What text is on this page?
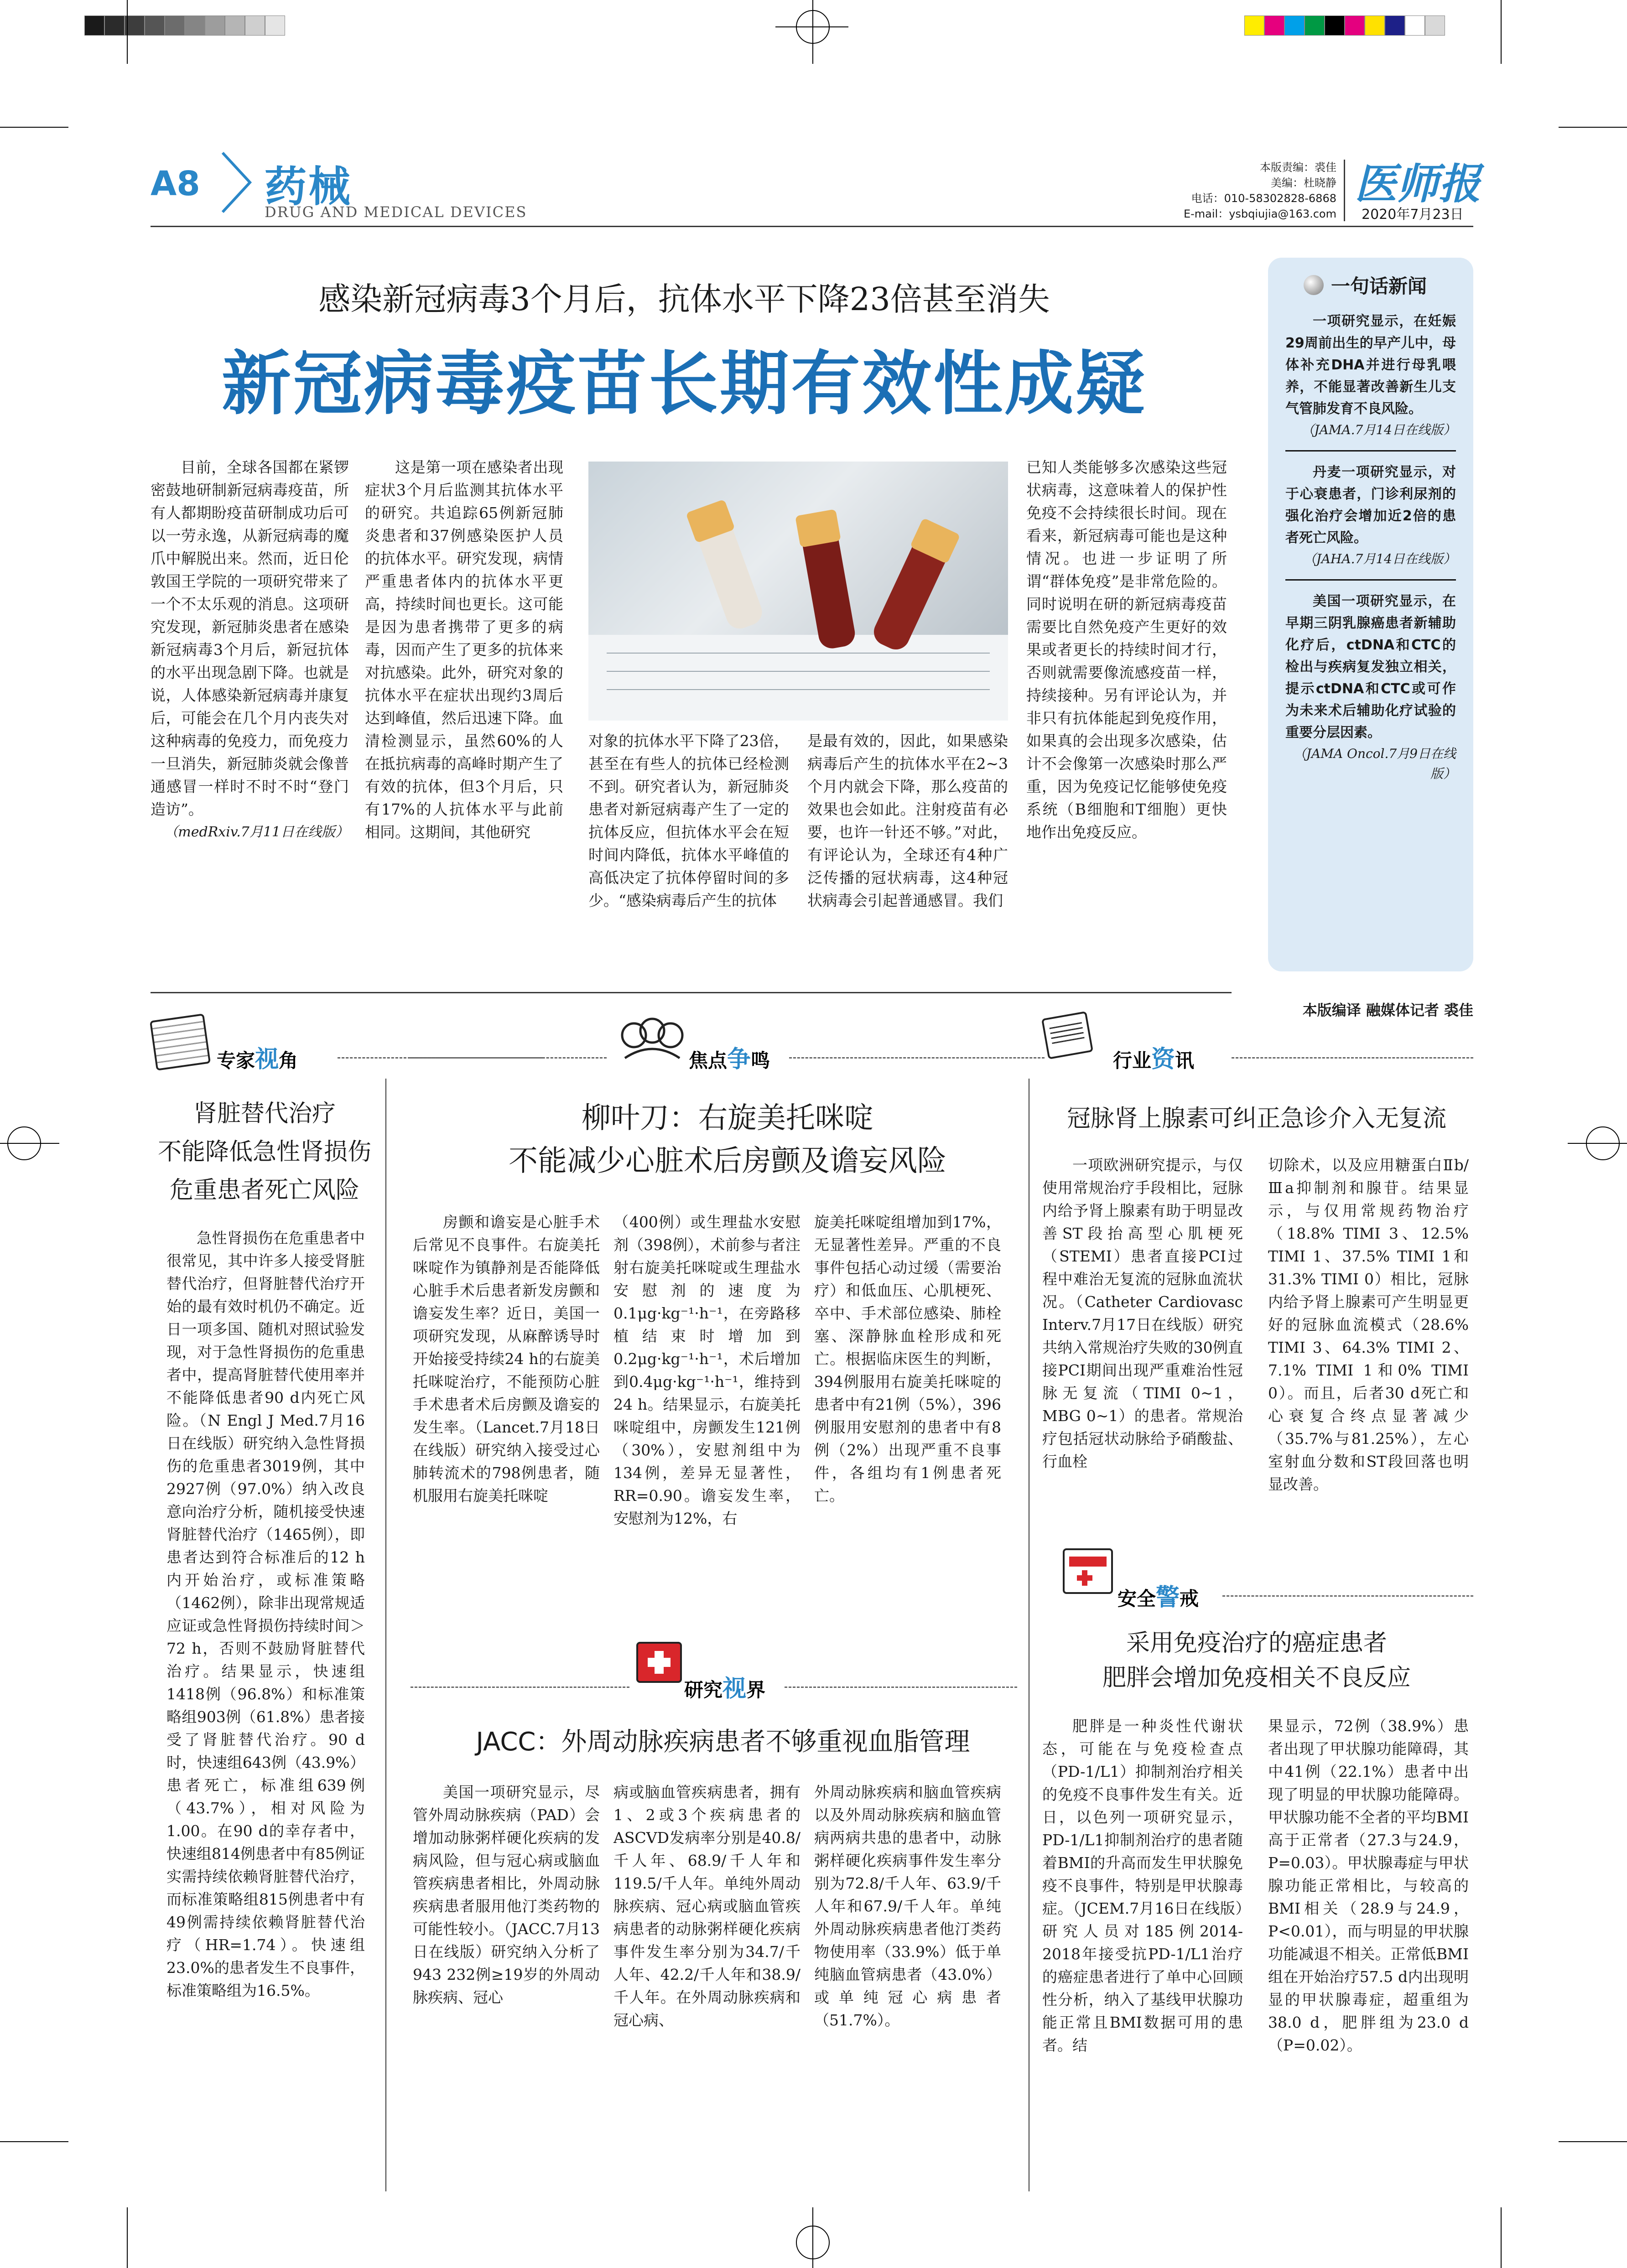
A8 药械
DRUG AND MEDICAL DEVICES
本版责编：裘佳
美编：杜晓静
电话：010-58302828-6868
E-mail：ysbqiujia@163.com
医师报
2020年7月23日
感染新冠病毒3个月后，抗体水平下降23倍甚至消失
新冠病毒疫苗长期有效性成疑

目前，全球各国都在紧锣密鼓地研制新冠病毒疫苗，所有人都期盼疫苗研制成功后可以一劳永逸，从新冠病毒的魔爪中解脱出来。然而，近日伦敦国王学院的一项研究带来了一个不太乐观的消息。这项研究发现，新冠肺炎患者在感染新冠病毒3个月后，新冠抗体的水平出现急剧下降。也就是说，人体感染新冠病毒并康复后，可能会在几个月内丧失对这种病毒的免疫力，而免疫力一旦消失，新冠肺炎就会像普通感冒一样时不时不时“登门造访”。

（medRxiv.7月11日在线版）

这是第一项在感染者出现症状3个月后监测其抗体水平的研究。共追踪65例新冠肺炎患者和37例感染医护人员的抗体水平。研究发现，病情严重患者体内的抗体水平更高，持续时间也更长。这可能是因为患者携带了更多的病毒，因而产生了更多的抗体来对抗感染。此外，研究对象的抗体水平在症状出现约3周后达到峰值，然后迅速下降。血清检测显示，虽然60%的人在抵抗病毒的高峰时期产生了有效的抗体，但3个月后，只有17%的人抗体水平与此前相同。这期间，其他研究

对象的抗体水平下降了23倍，甚至在有些人的抗体已经检测不到。研究者认为，新冠肺炎患者对新冠病毒产生了一定的抗体反应，但抗体水平会在短时间内降低，抗体水平峰值的高低决定了抗体停留时间的多少。“感染病毒后产生的抗体

是最有效的，因此，如果感染病毒后产生的抗体水平在2~3个月内就会下降，那么疫苗的效果也会如此。注射疫苗有必要，也许一针还不够。”对此，有评论认为，全球还有4种广泛传播的冠状病毒，这4种冠状病毒会引起普通感冒。我们

已知人类能够多次感染这些冠状病毒，这意味着人的保护性免疫不会持续很长时间。现在看来，新冠病毒可能也是这种情况。也进一步证明了所谓“群体免疫”是非常危险的。同时说明在研的新冠病毒疫苗需要比自然免疫产生更好的效果或者更长的持续时间才行，否则就需要像流感疫苗一样，持续接种。另有评论认为，并非只有抗体能起到免疫作用，如果真的会出现多次感染，估计不会像第一次感染时那么严重，因为免疫记忆能够使免疫系统（B细胞和T细胞）更快地作出免疫反应。

一句话新闻
一项研究显示，在妊娠29周前出生的早产儿中，母体补充DHA并进行母乳喂养，不能显著改善新生儿支气管肺发育不良风险。
（JAMA.7月14日在线版）
丹麦一项研究显示，对于心衰患者，门诊利尿剂的强化治疗会增加近2倍的患者死亡风险。
（JAHA.7月14日在线版）
美国一项研究显示，在早期三阴乳腺癌患者新辅助化疗后，ctDNA和CTC的检出与疾病复发独立相关，提示ctDNA和CTC或可作为未来术后辅助化疗试验的重要分层因素。
（JAMA Oncol.7月9日在线版）
本版编译 融媒体记者 裘佳
专家视角
肾脏替代治疗
不能降低急性肾损伤
危重患者死亡风险

急性肾损伤在危重患者中很常见，其中许多人接受肾脏替代治疗，但肾脏替代治疗开始的最有效时机仍不确定。近日一项多国、随机对照试验发现，对于急性肾损伤的危重患者中，提高肾脏替代使用率并不能降低患者90 d内死亡风险。（N Engl J Med.7月16日在线版）研究纳入急性肾损伤的危重患者3019例，其中2927例（97.0%）纳入改良意向治疗分析，随机接受快速肾脏替代治疗（1465例），即患者达到符合标准后的12 h内开始治疗，或标准策略（1462例），除非出现常规适应证或急性肾损伤持续时间＞72 h，否则不鼓励肾脏替代治疗。结果显示，快速组1418例（96.8%）和标准策略组903例（61.8%）患者接受了肾脏替代治疗。90 d时，快速组643例（43.9%）患者死亡，标准组639例（43.7%），相对风险为1.00。在90 d的幸存者中，快速组814例患者中有85例证实需持续依赖肾脏替代治疗，而标准策略组815例患者中有49例需持续依赖肾脏替代治疗（HR=1.74）。快速组23.0%的患者发生不良事件，标准策略组为16.5%。

焦点争鸣
柳叶刀：右旋美托咪啶
不能减少心脏术后房颤及谵妄风险

房颤和谵妄是心脏手术后常见不良事件。右旋美托咪啶作为镇静剂是否能降低心脏手术后患者新发房颤和谵妄发生率？近日，美国一项研究发现，从麻醉诱导时开始接受持续24 h的右旋美托咪啶治疗，不能预防心脏手术患者术后房颤及谵妄的发生率。（Lancet.7月18日在线版）研究纳入接受过心肺转流术的798例患者，随机服用右旋美托咪啶

（400例）或生理盐水安慰剂（398例），术前参与者注射右旋美托咪啶或生理盐水安慰剂的速度为0.1μg·kg⁻¹·h⁻¹，在旁路移植结束时增加到0.2μg·kg⁻¹·h⁻¹，术后增加到0.4μg·kg⁻¹·h⁻¹，维持到24 h。结果显示，右旋美托咪啶组中，房颤发生121例（30%），安慰剂组中为134例，差异无显著性，RR=0.90。谵妄发生率，安慰剂为12%，右

旋美托咪啶组增加到17%，无显著性差异。严重的不良事件包括心动过缓（需要治疗）和低血压、心肌梗死、卒中、手术部位感染、肺栓塞、深静脉血栓形成和死亡。根据临床医生的判断，394例服用右旋美托咪啶的患者中有21例（5%），396例服用安慰剂的患者中有8例（2%）出现严重不良事件，各组均有1例患者死亡。

研究视界
JACC：外周动脉疾病患者不够重视血脂管理

美国一项研究显示，尽管外周动脉疾病（PAD）会增加动脉粥样硬化疾病的发病风险，但与冠心病或脑血管疾病患者相比，外周动脉疾病患者服用他汀类药物的可能性较小。（JACC.7月13日在线版）研究纳入分析了943 232例≥19岁的外周动脉疾病、冠心

病或脑血管疾病患者，拥有1、2或3个疾病患者的ASCVD发病率分别是40.8/千人年、68.9/千人年和119.5/千人年。单纯外周动脉疾病、冠心病或脑血管疾病患者的动脉粥样硬化疾病事件发生率分别为34.7/千人年、42.2/千人年和38.9/千人年。在外周动脉疾病和冠心病、

外周动脉疾病和脑血管疾病以及外周动脉疾病和脑血管病两病共患的患者中，动脉粥样硬化疾病事件发生率分别为72.8/千人年、63.9/千人年和67.9/千人年。单纯外周动脉疾病患者他汀类药物使用率（33.9%）低于单纯脑血管病患者（43.0%）或单纯冠心病患者（51.7%）。

行业资讯
冠脉肾上腺素可纠正急诊介入无复流

一项欧洲研究提示，与仅使用常规治疗手段相比，冠脉内给予肾上腺素有助于明显改善ST段抬高型心肌梗死（STEMI）患者直接PCI过程中难治无复流的冠脉血流状况。（Catheter Cardiovasc Interv.7月17日在线版）研究共纳入常规治疗失败的30例直接PCI期间出现严重难治性冠脉无复流（TIMI 0~1，MBG 0~1）的患者。常规治疗包括冠状动脉给予硝酸盐、行血栓

切除术，以及应用糖蛋白Ⅱb/Ⅲa抑制剂和腺苷。结果显示，与仅用常规药物治疗（18.8% TIMI 3、12.5% TIMI 1、37.5% TIMI 1和31.3% TIMI 0）相比，冠脉内给予肾上腺素可产生明显更好的冠脉血流模式（28.6% TIMI 3、64.3% TIMI 2、7.1% TIMI 1和0% TIMI 0）。而且，后者30 d死亡和心衰复合终点显著减少（35.7%与81.25%），左心室射血分数和ST段回落也明显改善。

安全警戒
采用免疫治疗的癌症患者
肥胖会增加免疫相关不良反应

肥胖是一种炎性代谢状态，可能在与免疫检查点（PD-1/L1）抑制剂治疗相关的免疫不良事件发生有关。近日，以色列一项研究显示，PD-1/L1抑制剂治疗的患者随着BMI的升高而发生甲状腺免疫不良事件，特别是甲状腺毒症。（JCEM.7月16日在线版）研究人员对185例2014-2018年接受抗PD-1/L1治疗的癌症患者进行了单中心回顾性分析，纳入了基线甲状腺功能正常且BMI数据可用的患者。结

果显示，72例（38.9%）患者出现了甲状腺功能障碍，其中41例（22.1%）患者中出现了明显的甲状腺功能障碍。甲状腺功能不全者的平均BMI高于正常者（27.3与24.9，P=0.03）。甲状腺毒症与甲状腺功能正常相比，与较高的BMI相关（28.9与24.9，P<0.01），而与明显的甲状腺功能减退不相关。正常低BMI组在开始治疗57.5 d内出现明显的甲状腺毒症，超重组为38.0 d，肥胖组为23.0 d（P=0.02）。
